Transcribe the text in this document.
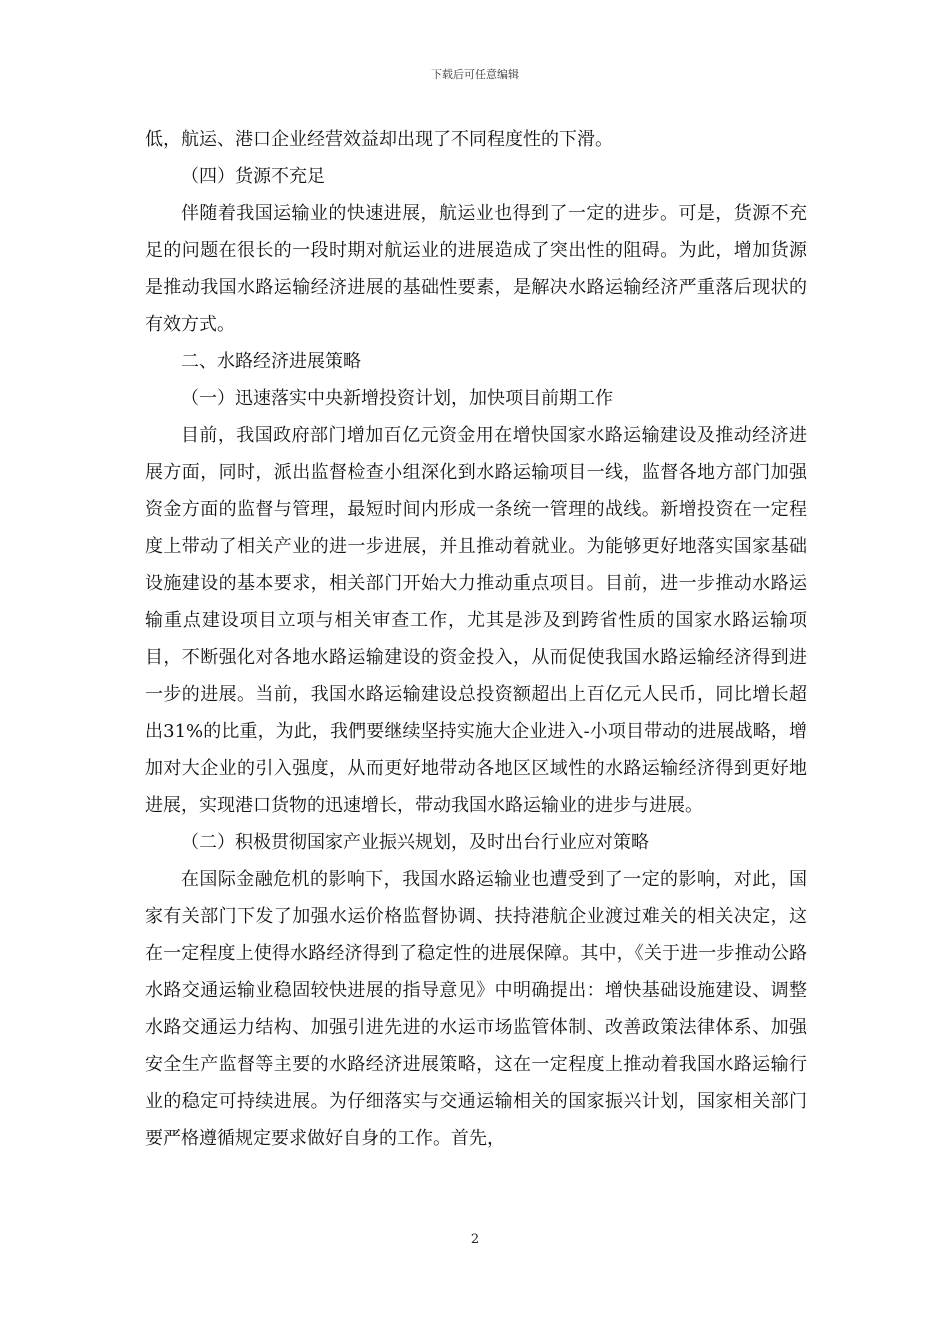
下载后可任意编辑

低，航运、港口企业经营效益却出现了不同程度性的下滑。

（四）货源不充足

伴随着我国运输业的快速进展，航运业也得到了一定的进步。可是，货源不充足的问题在很长的一段时期对航运业的进展造成了突出性的阻碍。为此，增加货源是推动我国水路运输经济进展的基础性要素，是解决水路运输经济严重落后现状的有效方式。

二、水路经济进展策略

（一）迅速落实中央新增投资计划，加快项目前期工作

目前，我国政府部门增加百亿元资金用在增快国家水路运输建设及推动经济进展方面，同时，派出监督检查小组深化到水路运输项目一线，监督各地方部门加强资金方面的监督与管理，最短时间内形成一条统一管理的战线。新增投资在一定程度上带动了相关产业的进一步进展，并且推动着就业。为能够更好地落实国家基础设施建设的基本要求，相关部门开始大力推动重点项目。目前，进一步推动水路运输重点建设项目立项与相关审查工作，尤其是涉及到跨省性质的国家水路运输项目，不断强化对各地水路运输建设的资金投入，从而促使我国水路运输经济得到进一步的进展。当前，我国水路运输建设总投资额超出上百亿元人民币，同比增长超出31%的比重，为此，我們要继续坚持实施大企业进入-小项目带动的进展战略，增加对大企业的引入强度，从而更好地带动各地区区域性的水路运输经济得到更好地进展，实现港口货物的迅速增长，带动我国水路运输业的进步与进展。

（二）积极贯彻国家产业振兴规划，及时出台行业应对策略

在国际金融危机的影响下，我国水路运输业也遭受到了一定的影响，对此，国家有关部门下发了加强水运价格监督协调、扶持港航企业渡过难关的相关决定，这在一定程度上使得水路经济得到了稳定性的进展保障。其中，《关于进一步推动公路水路交通运输业稳固较快进展的指导意见》中明确提出：增快基础设施建设、调整水路交通运力结构、加强引进先进的水运市场监管体制、改善政策法律体系、加强安全生产监督等主要的水路经济进展策略，这在一定程度上推动着我国水路运输行业的稳定可持续进展。为仔细落实与交通运输相关的国家振兴计划，国家相关部门要严格遵循规定要求做好自身的工作。首先，

2
